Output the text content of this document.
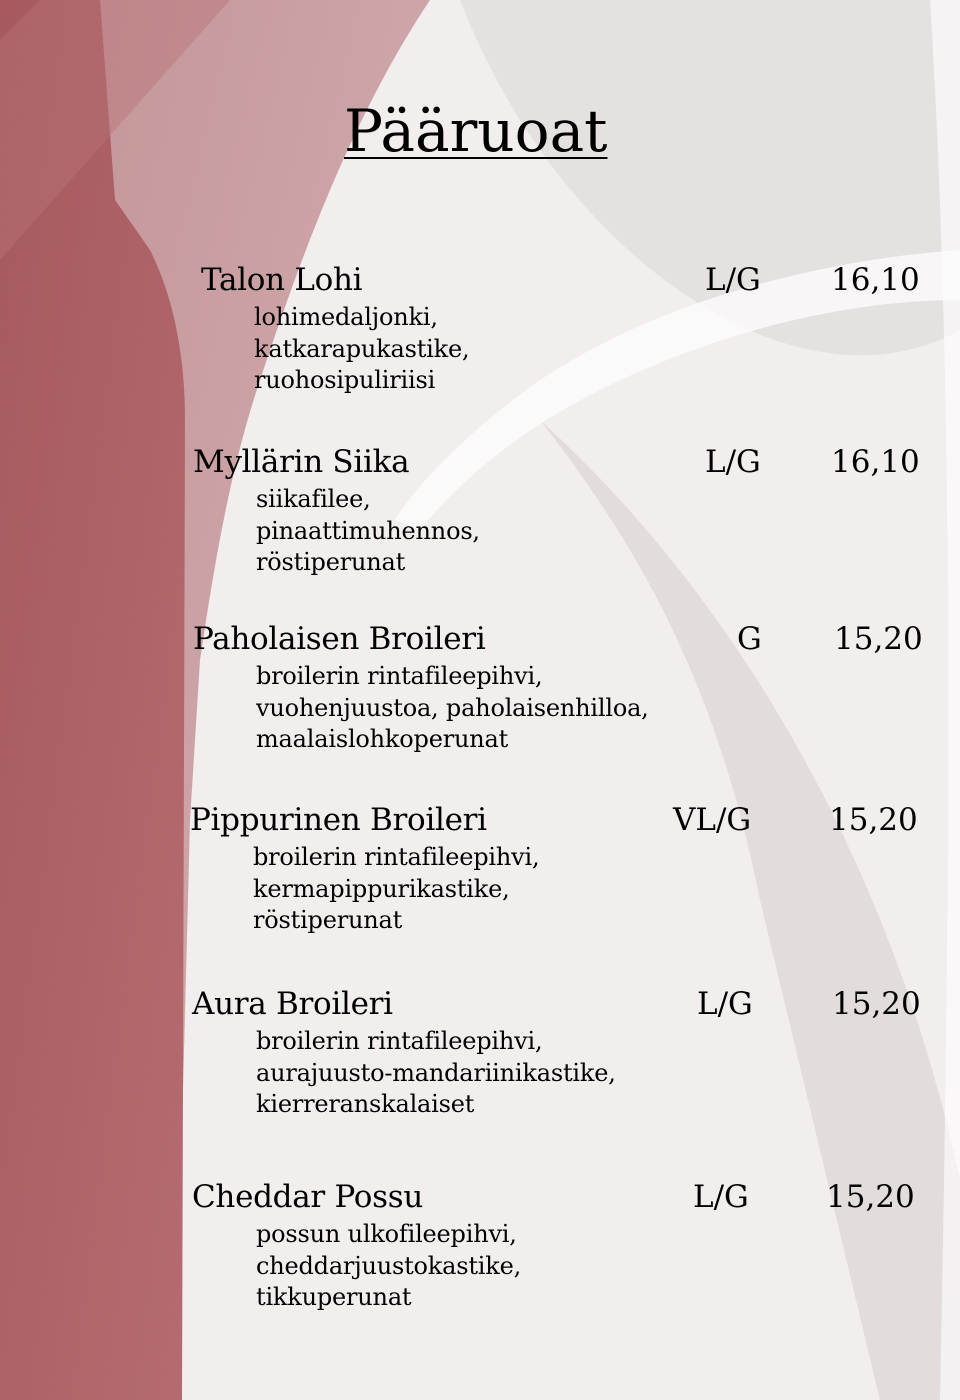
Pääruoat
Talon Lohi	L/G 16,10
lohimedaljonki,
katkarapukastike,
ruohosipuliriisi
Myllärin Siika	L/G 16,10
siikafilee,
pinaattimuhennos,
röstiperunat
Paholaisen Broileri	G 15,20
broilerin rintafileepihvi,
vuohenjuustoa, paholaisenhilloa,
maalaislohkoperunat
Pippurinen Broileri	VL/G	15,20
broilerin rintafileepihvi,
kermapippurikastike,
röstiperunat
Aura Broileri	L/G	15,20
broilerin rintafileepihvi,
aurajuusto-mandariinikastike,
kierreranskalaiset
Cheddar Possu	L/G 15,20
possun ulkofileepihvi,
cheddarjuustokastike,
tikkuperunat
